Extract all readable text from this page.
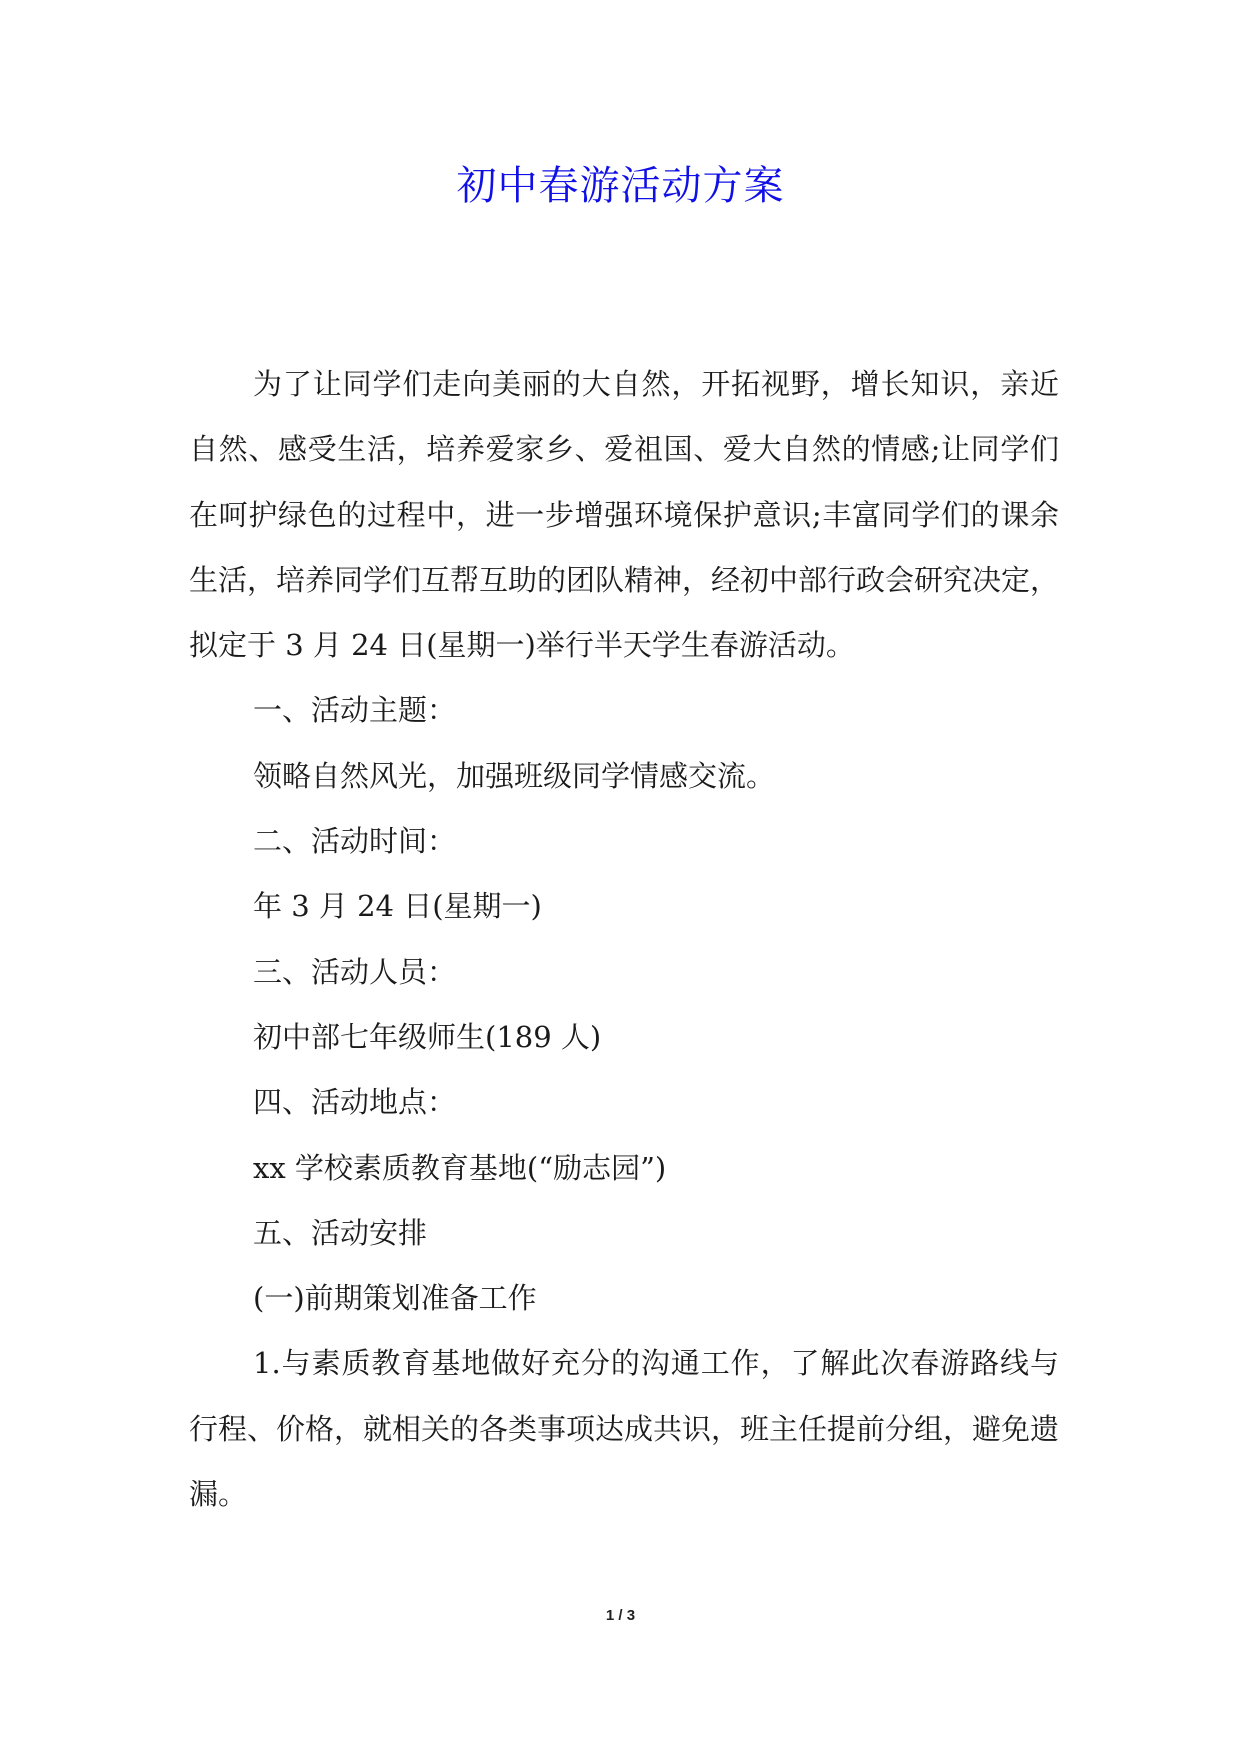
初中春游活动方案

为了让同学们走向美丽的大自然，开拓视野，增长知识，亲近自然、感受生活，培养爱家乡、爱祖国、爱大自然的情感;让同学们在呵护绿色的过程中，进一步增强环境保护意识;丰富同学们的课余生活，培养同学们互帮互助的团队精神，经初中部行政会研究决定，拟定于 3 月 24 日(星期一)举行半天学生春游活动。

一、活动主题：

领略自然风光，加强班级同学情感交流。

二、活动时间：

年 3 月 24 日(星期一)

三、活动人员：

初中部七年级师生(189 人)

四、活动地点：

xx 学校素质教育基地(“励志园”)

五、活动安排

(一)前期策划准备工作

1.与素质教育基地做好充分的沟通工作，了解此次春游路线与行程、价格，就相关的各类事项达成共识，班主任提前分组，避免遗漏。

1 / 3
